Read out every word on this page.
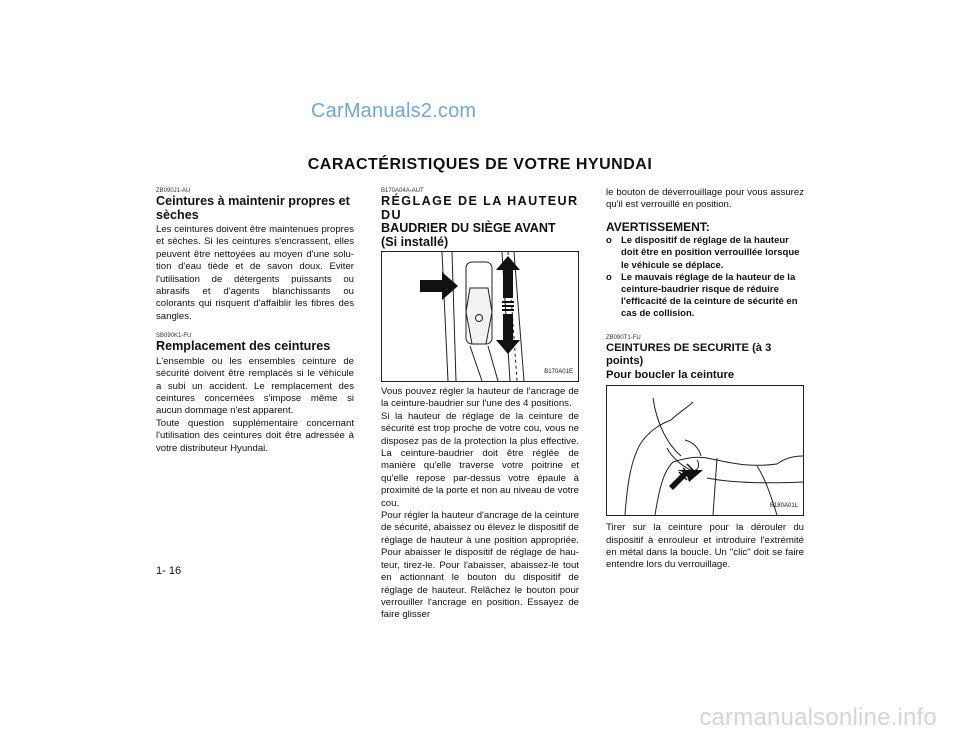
CarManuals2.com
CARACTÉRISTIQUES DE VOTRE HYUNDAI
ZB090J1-AU
Ceintures à maintenir propres et sèches

Les ceintures doivent être maintenues propres et sèches. Si les ceintures s'encrassent, elles peuvent être nettoyées au moyen d'une solu-tion d'eau tiède et de savon doux. Eviter l'utilisation de détergents puissants ou abrasifs et d'agents blanchissants ou colorants qui risquent d'affaiblir les fibres des sangles.

SB090K1-FU
Remplacement des ceintures

L'ensemble ou les ensembles ceinture de sécurité doivent être remplacés si le véhicule a subi un accident. Le remplacement des ceintures concernées s'impose même si aucun dommage n'est apparent.

Toute question supplémentaire concernant l'utilisation des ceintures doit être adressée à votre distributeur Hyundai.

B170A04A-AUT
RÉGLAGE DE LA HAUTEUR DU
BAUDRIER DU SIÈGE AVANT
(Si installé)
B170A01E

Vous pouvez régler la hauteur de l'ancrage de la ceinture-baudrier sur l'une des 4 positions.

Si la hauteur de réglage de la ceinture de sécurité est trop proche de votre cou, vous ne disposez pas de la protection la plus effective. La ceinture-baudrier doit être réglée de manière qu'elle traverse votre poitrine et qu'elle repose par-dessus votre épaule à proximité de la porte et non au niveau de votre cou.

Pour régler la hauteur d'ancrage de la ceinture de sécurité, abaissez ou élevez le dispositif de réglage de hauteur à une position appropriée. Pour abaisser le dispositif de réglage de hau-teur, tirez-le. Pour l'abaisser, abaissez-le tout en actionnant le bouton du dispositif de réglage de hauteur. Relâchez le bouton pour verrouiller l'ancrage en position. Essayez de faire glisser

le bouton de déverrouillage pour vous assurez qu'il est verrouillé en position.

AVERTISSEMENT:
o Le dispositif de réglage de la hauteur doit être en position verrouillée lorsque le véhicule se déplace.
o Le mauvais réglage de la hauteur de la ceinture-baudrier risque de réduire l'efficacité de la ceinture de sécurité en cas de collision.
ZB090T1-FU
CEINTURES DE SECURITE (à 3 points)
Pour boucler la ceinture
B180A01L

Tirer sur la ceinture pour la dérouler du dispositif à enrouleur et introduire l'extrémité en métal dans la boucle. Un "clic" doit se faire entendre lors du verrouillage.

1- 16
carmanualsonline.info
